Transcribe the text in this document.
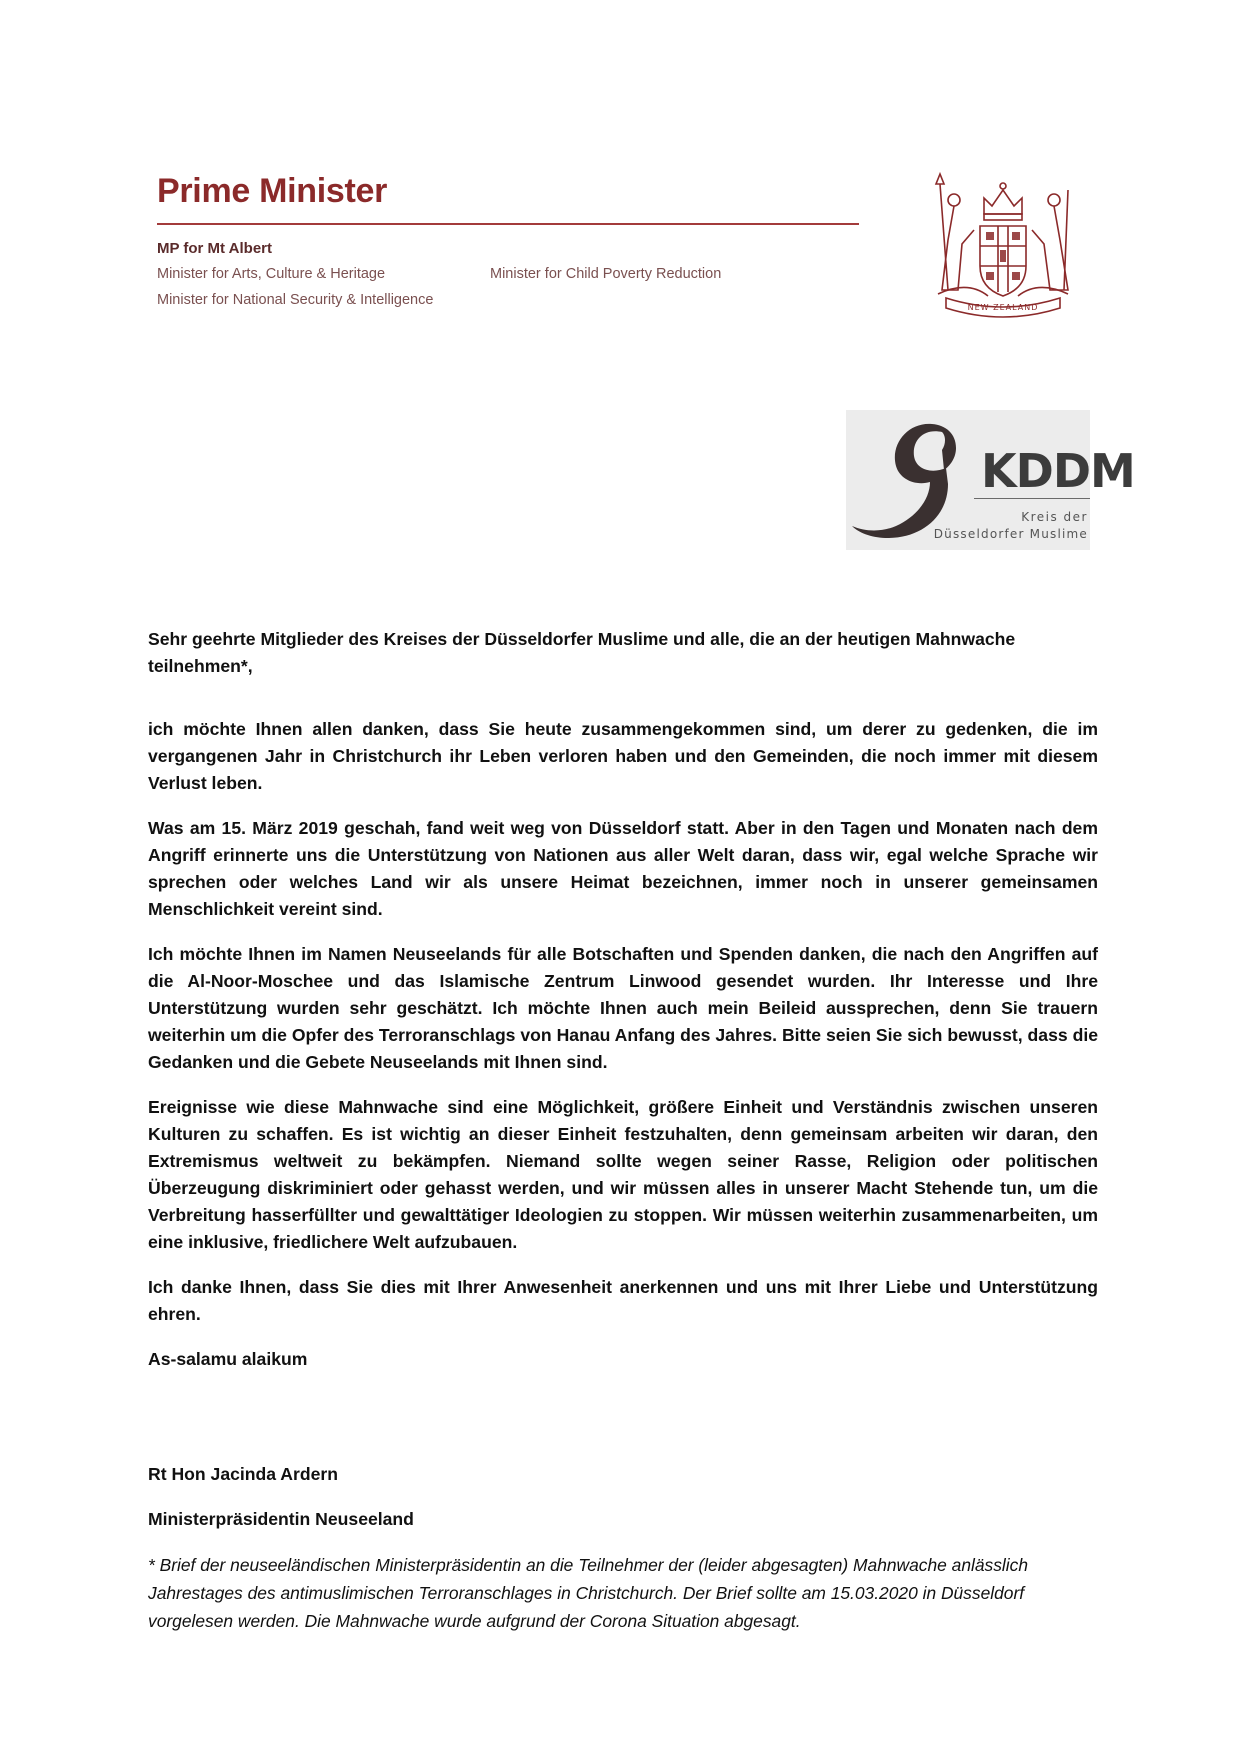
Prime Minister
MP for Mt Albert
Minister for Arts, Culture & Heritage
Minister for National Security & Intelligence
Minister for Child Poverty Reduction
NEW ZEALAND
KDDM
Kreis der
Düsseldorfer Muslime

Sehr geehrte Mitglieder des Kreises der Düsseldorfer Muslime und alle, die an der heutigen Mahnwache teilnehmen*,

ich möchte Ihnen allen danken, dass Sie heute zusammengekommen sind, um derer zu gedenken, die im vergangenen Jahr in Christchurch ihr Leben verloren haben und den Gemeinden, die noch immer mit diesem Verlust leben.

Was am 15. März 2019 geschah, fand weit weg von Düsseldorf statt. Aber in den Tagen und Monaten nach dem Angriff erinnerte uns die Unterstützung von Nationen aus aller Welt daran, dass wir, egal welche Sprache wir sprechen oder welches Land wir als unsere Heimat bezeichnen, immer noch in unserer gemeinsamen Menschlichkeit vereint sind.

Ich möchte Ihnen im Namen Neuseelands für alle Botschaften und Spenden danken, die nach den Angriffen auf die Al-Noor-Moschee und das Islamische Zentrum Linwood gesendet wurden. Ihr Interesse und Ihre Unterstützung wurden sehr geschätzt. Ich möchte Ihnen auch mein Beileid aussprechen, denn Sie trauern weiterhin um die Opfer des Terroranschlags von Hanau Anfang des Jahres. Bitte seien Sie sich bewusst, dass die Gedanken und die Gebete Neuseelands mit Ihnen sind.

Ereignisse wie diese Mahnwache sind eine Möglichkeit, größere Einheit und Verständnis zwischen unseren Kulturen zu schaffen. Es ist wichtig an dieser Einheit festzuhalten, denn gemeinsam arbeiten wir daran, den Extremismus weltweit zu bekämpfen. Niemand sollte wegen seiner Rasse, Religion oder politischen Überzeugung diskriminiert oder gehasst werden, und wir müssen alles in unserer Macht Stehende tun, um die Verbreitung hasserfüllter und gewalttätiger Ideologien zu stoppen. Wir müssen weiterhin zusammenarbeiten, um eine inklusive, friedlichere Welt aufzubauen.

Ich danke Ihnen, dass Sie dies mit Ihrer Anwesenheit anerkennen und uns mit Ihrer Liebe und Unterstützung ehren.

As-salamu alaikum

Rt Hon Jacinda Ardern

Ministerpräsidentin Neuseeland

* Brief der neuseeländischen Ministerpräsidentin an die Teilnehmer der (leider abgesagten) Mahnwache anlässlich Jahrestages des antimuslimischen Terroranschlages in Christchurch. Der Brief sollte am 15.03.2020 in Düsseldorf vorgelesen werden. Die Mahnwache wurde aufgrund der Corona Situation abgesagt.
